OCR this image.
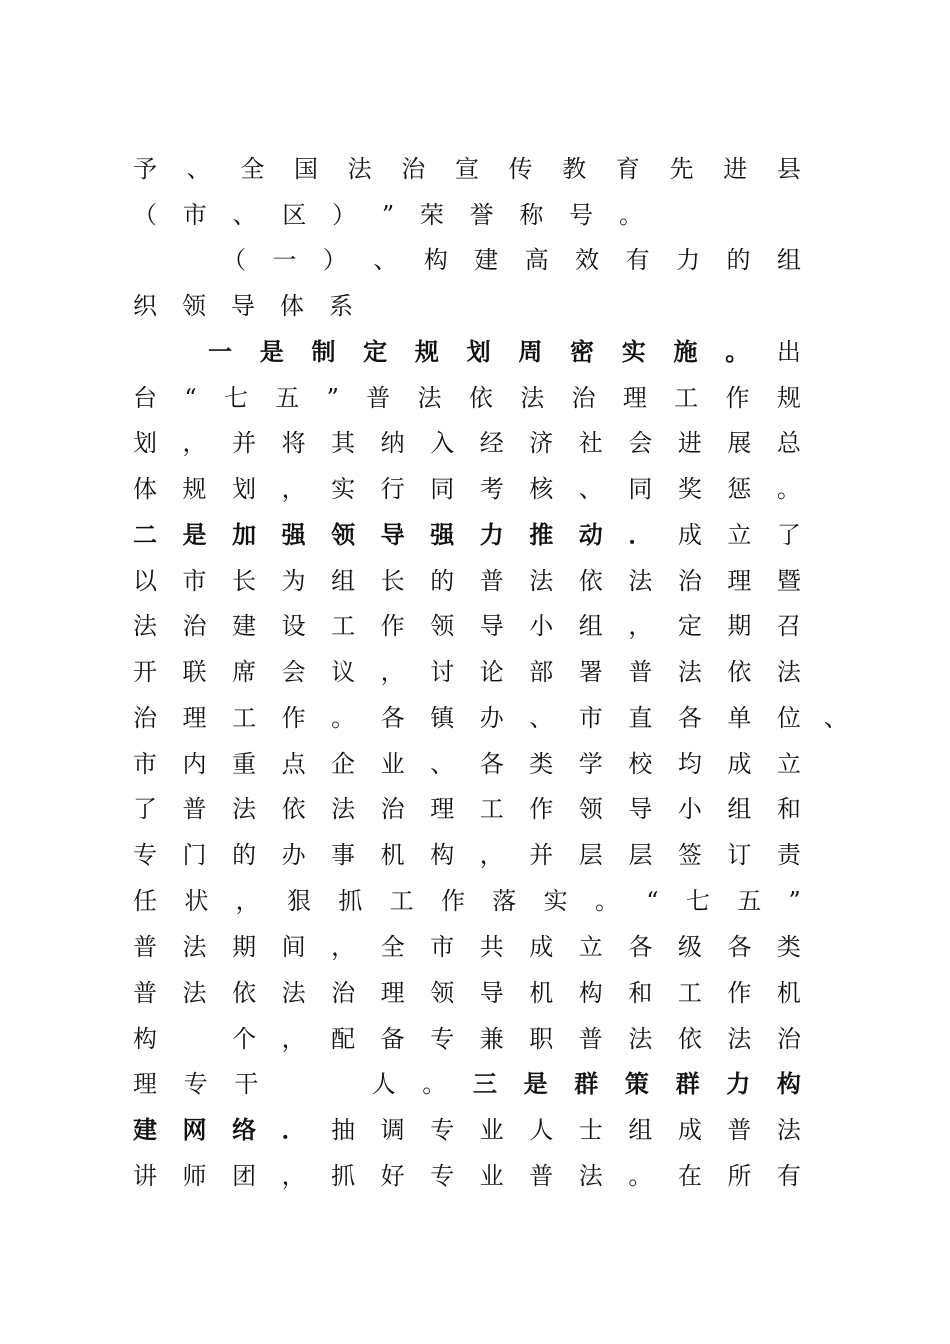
予 、 全 国 法 治 宣 传 教 育 先 进 县
（ 市 、 区 ） ” 荣 誉 称 号 。
（ 一 ） 、 构 建 高 效 有 力 的 组
织 领 导 体 系
一 是 制 定 规 划 周 密 实 施 。 出
台 “ 七 五 ” 普 法 依 法 治 理 工 作 规
划 ， 并 将 其 纳 入 经 济 社 会 进 展 总
体 规 划 ， 实 行 同 考 核 、 同 奖 惩 。
二 是 加 强 领 导 强 力 推 动 ． 成 立 了
以 市 长 为 组 长 的 普 法 依 法 治 理 暨
法 治 建 设 工 作 领 导 小 组 ， 定 期 召
开 联 席 会 议 ， 讨 论 部 署 普 法 依 法
治 理 工 作 。 各 镇 办 、 市 直 各 单 位
市 内 重 点 企 业 、 各 类 学 校 均 成 立
了 普 法 依 法 治 理 工 作 领 导 小 组 和
专 门 的 办 事 机 构 ， 并 层 层 签 订 责
任 状 ， 狠 抓 工 作 落 实 。 “ 七 五 ”
普 法 期 间 ， 全 市 共 成 立 各 级 各 类
普 法 依 法 治 理 领 导 机 构 和 工 作 机
构	个 ， 配 备 专 兼 职 普 法 依 法 治
理 专 干	人 。 三 是 群 策 群 力 构
建 网 络 ． 抽 调 专 业 人 士 组 成 普 法
讲 师 团 ， 抓 好 专 业 普 法 。 在 所 有
、
